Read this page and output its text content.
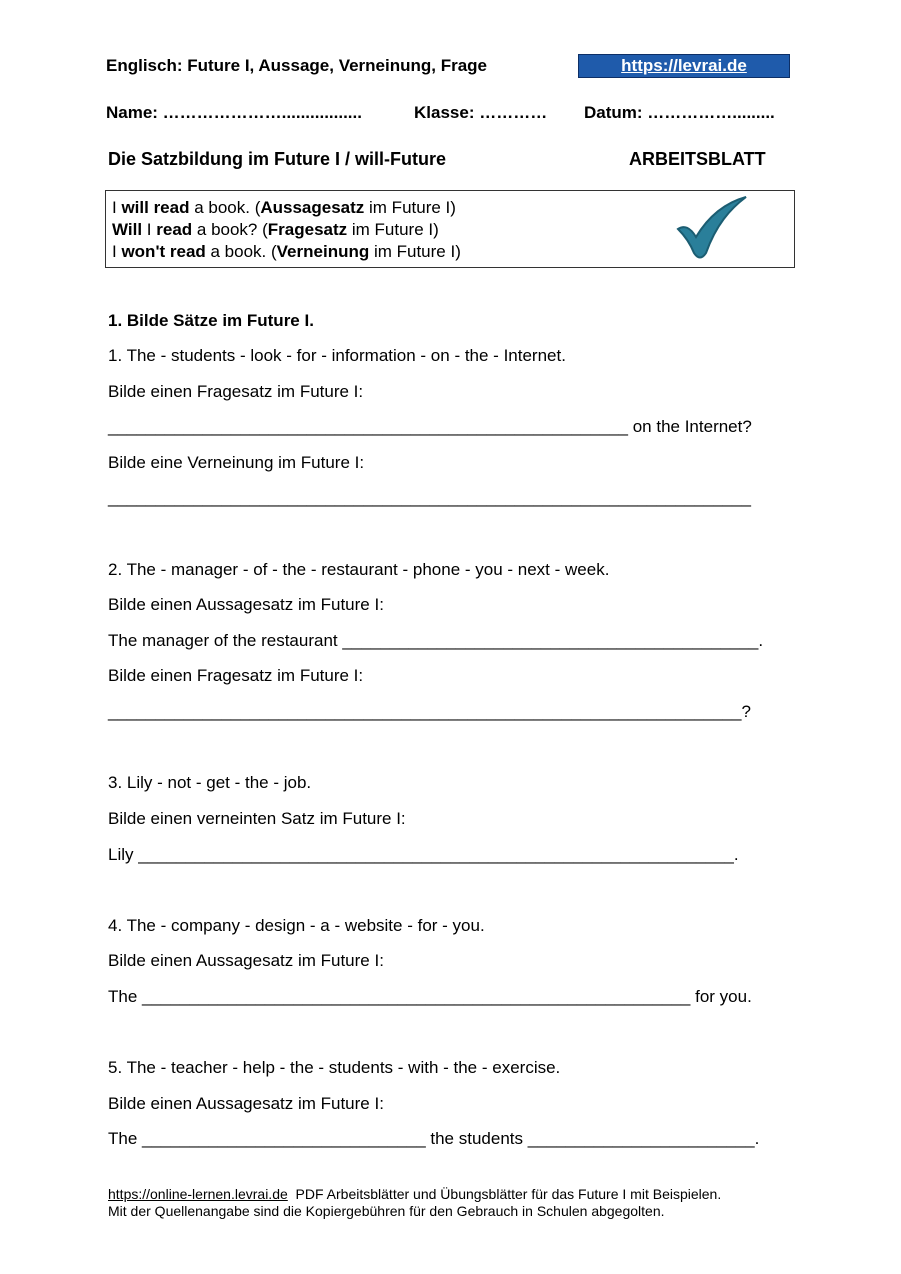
Englisch: Future I, Aussage, Verneinung, Frage	https://levrai.de
Name: ………………….................	Klasse: ………… Datum: …………….........
Die Satzbildung im Future I / will-Future	ARBEITSBLATT
I will read a book. (Aussagesatz im Future I)
Will I read a book? (Fragesatz im Future I)
I won't read a book. (Verneinung im Future I)
1. Bilde Sätze im Future I.
1. The - students - look - for - information - on - the - Internet.
Bilde einen Fragesatz im Future I:
_______________________________________________________ on the Internet?
Bilde eine Verneinung im Future I:
____________________________________________________________________
2. The - manager - of - the - restaurant - phone - you - next - week.
Bilde einen Aussagesatz im Future I:
The manager of the restaurant ____________________________________________.
Bilde einen Fragesatz im Future I:
___________________________________________________________________?
3. Lily - not - get - the - job.
Bilde einen verneinten Satz im Future I:
Lily _______________________________________________________________.
4. The - company - design - a - website - for - you.
Bilde einen Aussagesatz im Future I:
The __________________________________________________________ for you.
5. The - teacher - help - the - students - with - the - exercise.
Bilde einen Aussagesatz im Future I:
The ______________________________ the students ________________________.
https://online-lernen.levrai.de  PDF Arbeitsblätter und Übungsblätter für das Future I mit Beispielen.
Mit der Quellenangabe sind die Kopiergebühren für den Gebrauch in Schulen abgegolten.
